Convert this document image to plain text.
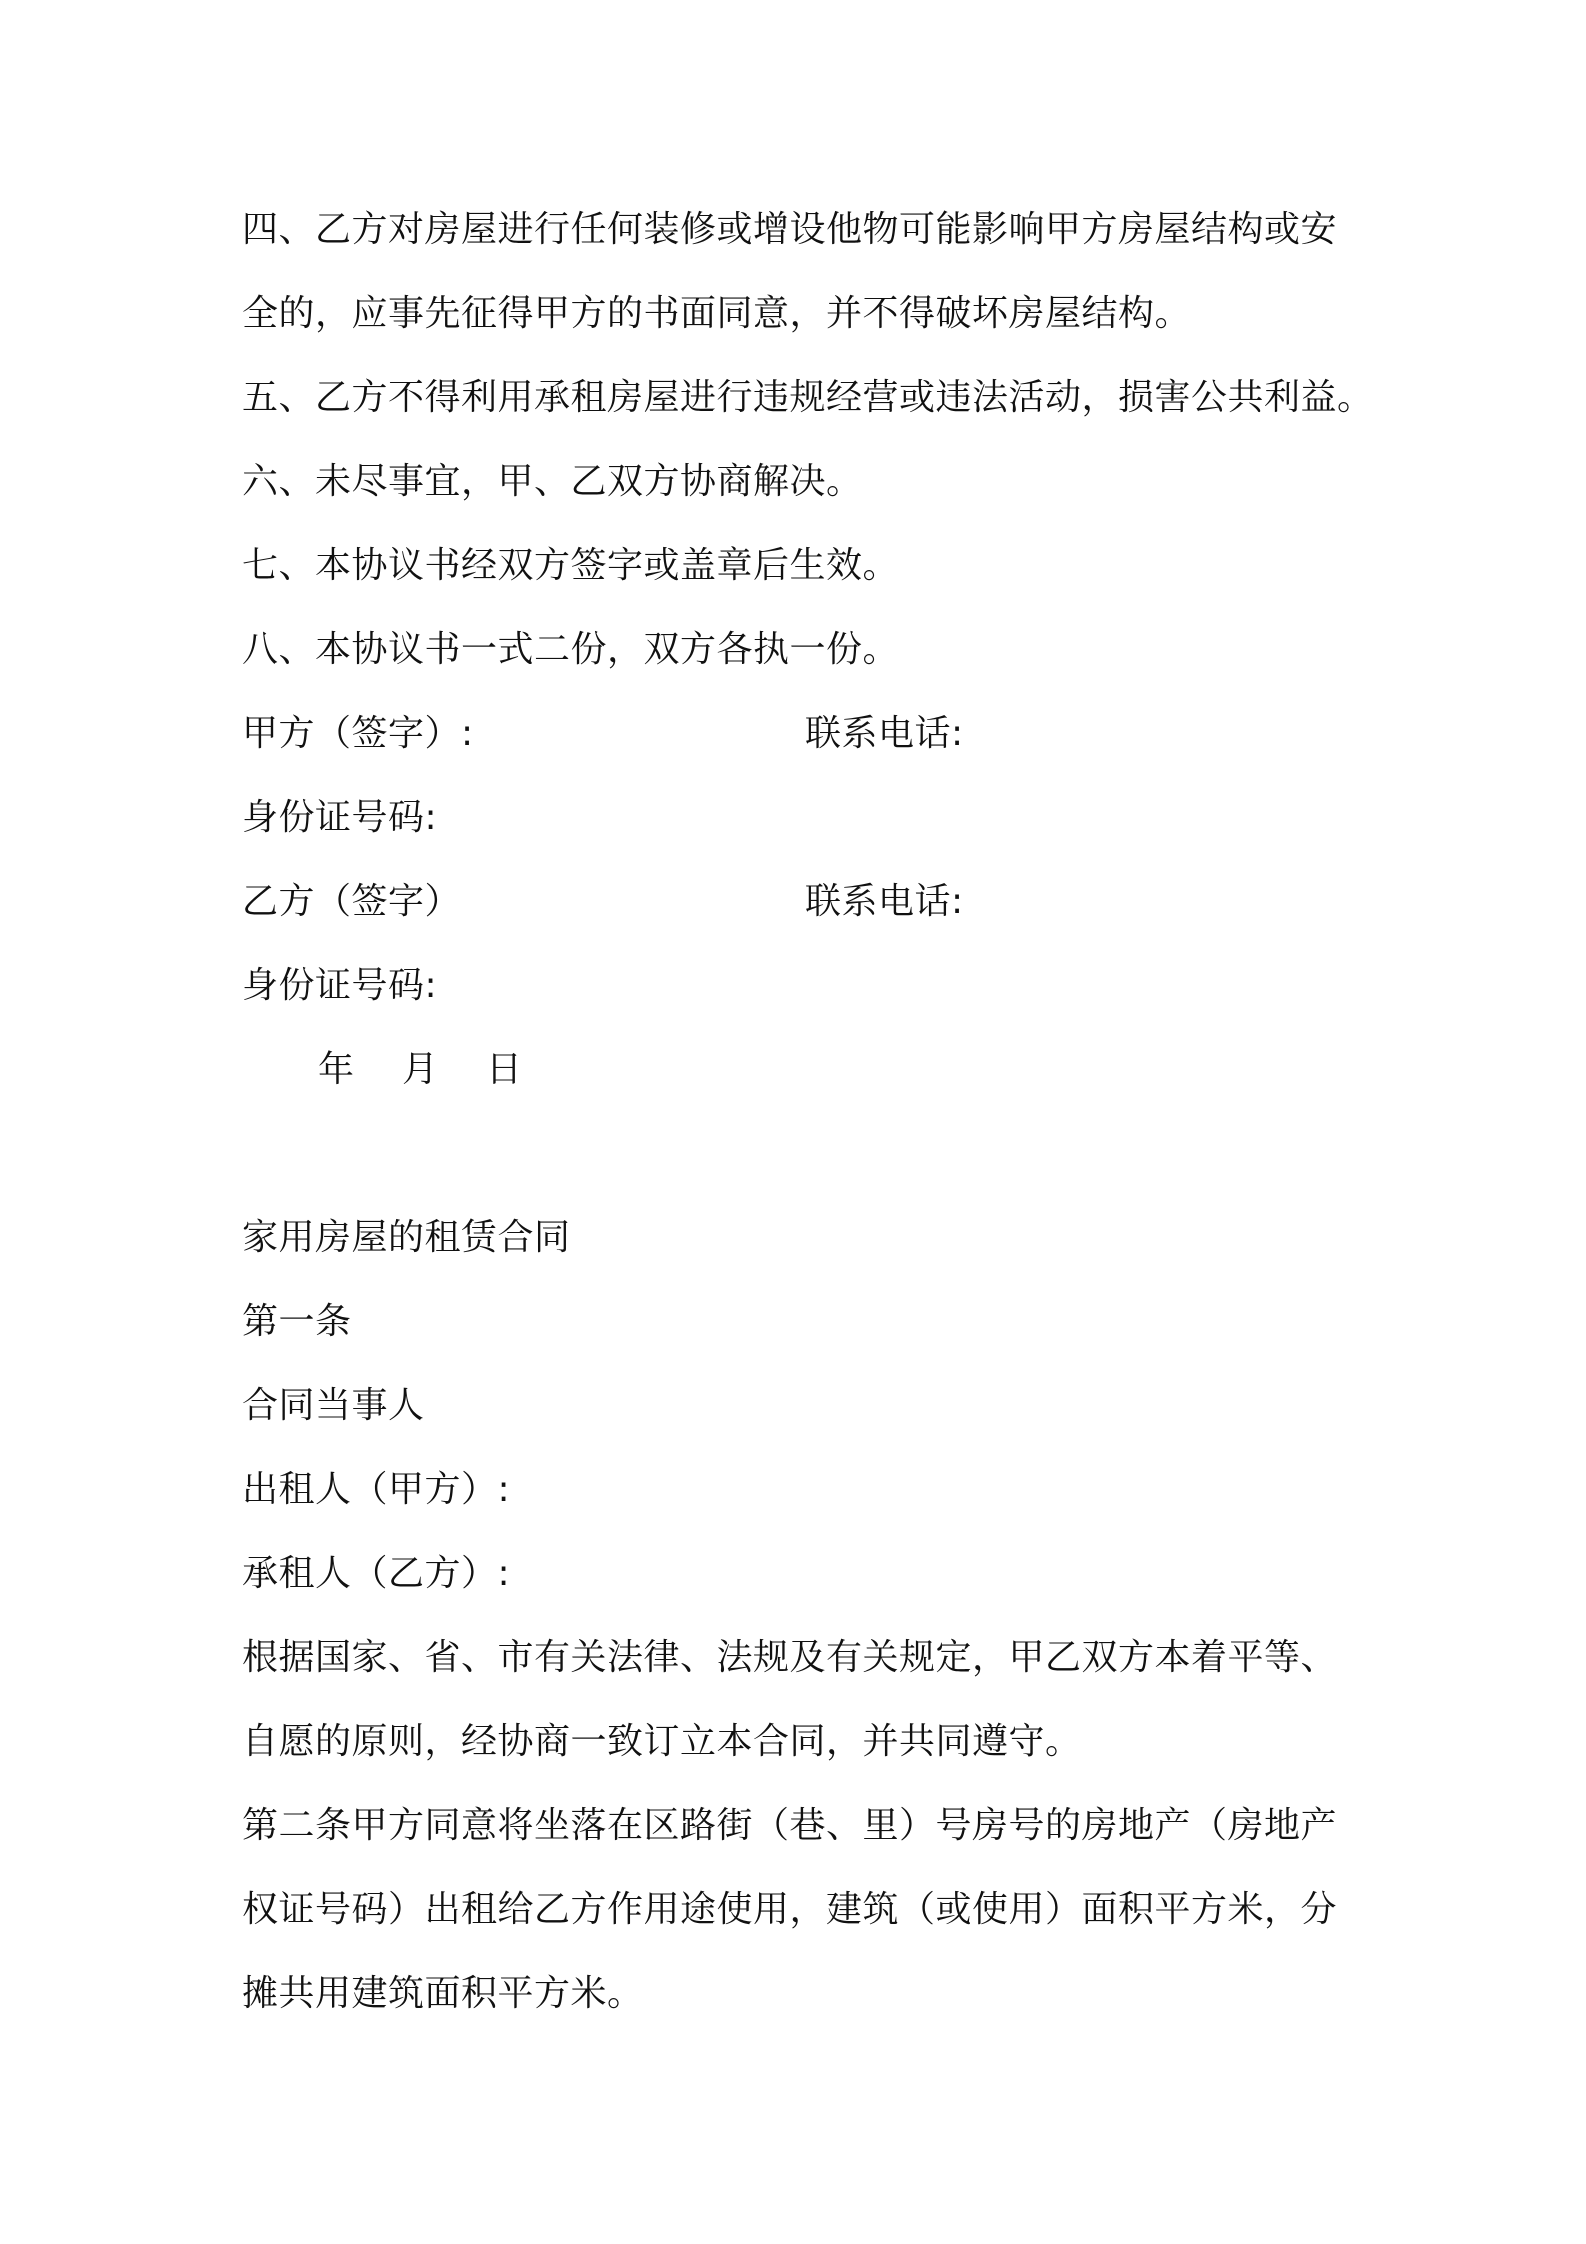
四、乙方对房屋进行任何装修或增设他物可能影响甲方房屋结构或安
全的，应事先征得甲方的书面同意，并不得破坏房屋结构。
五、乙方不得利用承租房屋进行违规经营或违法活动，损害公共利益。
六、未尽事宜，甲、乙双方协商解决。
七、本协议书经双方签字或盖章后生效。
八、本协议书一式二份，双方各执一份。
甲方（签字）:	联系电话:
身份证号码:
乙方（签字）	联系电话:
身份证号码:
年　月　日
家用房屋的租赁合同
第一条
合同当事人
出租人（甲方）:
承租人（乙方）:
根据国家、省、市有关法律、法规及有关规定，甲乙双方本着平等、
自愿的原则，经协商一致订立本合同，并共同遵守。
第二条甲方同意将坐落在区路街（巷、里）号房号的房地产（房地产
权证号码）出租给乙方作用途使用，建筑（或使用）面积平方米，分
摊共用建筑面积平方米。
